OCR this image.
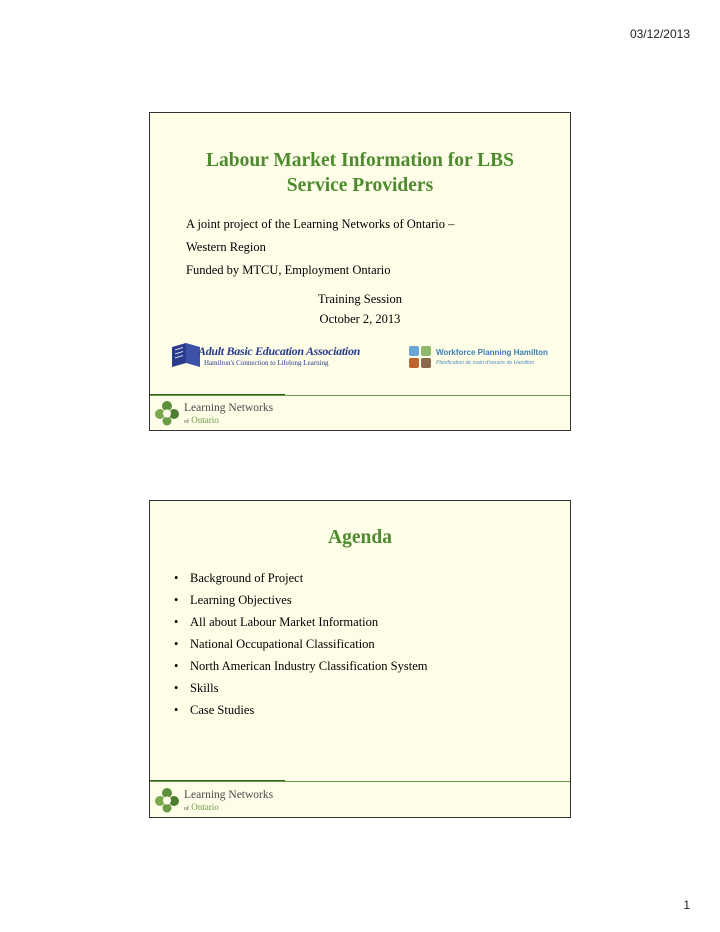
03/12/2013
Labour Market Information for LBS
Service Providers
A joint project of the Learning Networks of Ontario –
Western Region
Funded by MTCU, Employment Ontario
Training Session
October 2, 2013
Adult Basic Education Association
Hamilton's Connection to Lifelong Learning
Workforce Planning Hamilton
Planification de main d'oeuvre de Hamilton
Learning Networks
of Ontario
Agenda
• Background of Project
• Learning Objectives
• All about Labour Market Information
• National Occupational Classification
• North American Industry Classification System
• Skills
• Case Studies
Learning Networks
of Ontario
1
